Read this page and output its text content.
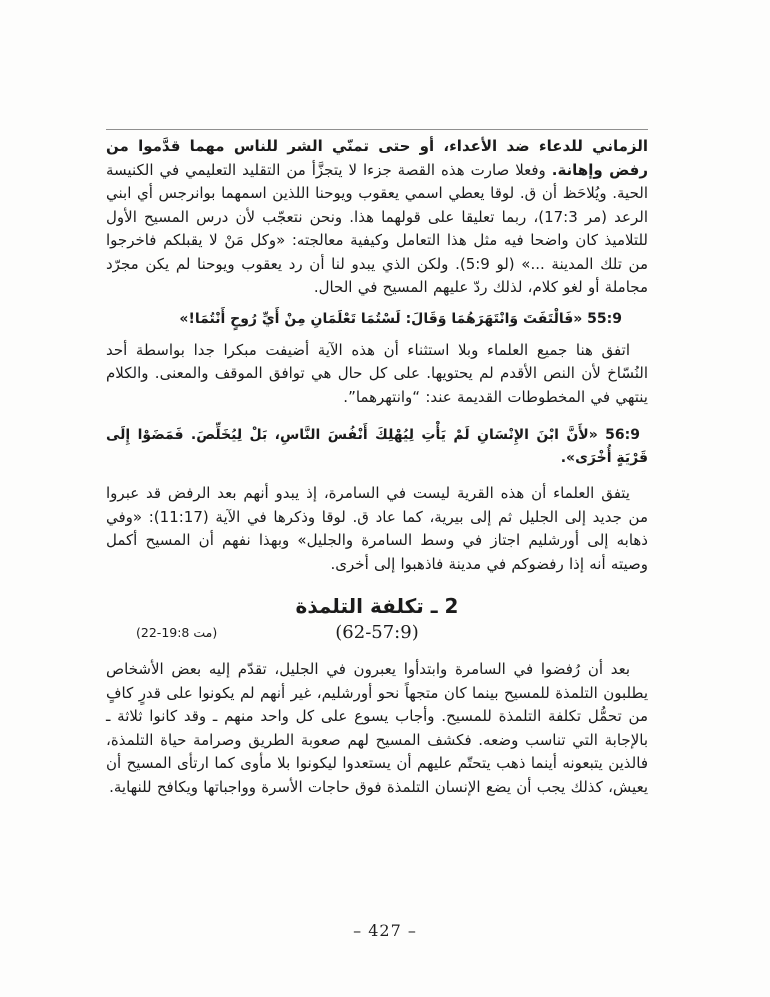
الزماني للدعاء ضد الأعداء، أو حتى تمنّي الشر للناس مهما قدَّموا من رفض وإهانة. وفعلا صارت هذه القصة جزءا لا يتجزَّأ من التقليد التعليمي في الكنيسة الحية. ويُلاحَظ أن ق. لوقا يعطي اسمي يعقوب ويوحنا اللذين اسمهما بوانرجس أي ابني الرعد (مر 17:3)، ربما تعليقا على قولهما هذا. ونحن نتعجّب لأن درس المسيح الأول للتلاميذ كان واضحا فيه مثل هذا التعامل وكيفية معالجته: «وكل مَنْ لا يقبلكم فاخرجوا من تلك المدينة ...» (لو 5:9). ولكن الذي يبدو لنا أن رد يعقوب ويوحنا لم يكن مجرّد مجاملة أو لغو كلام، لذلك ردّ عليهم المسيح في الحال.

55:9 «فَالْتَفَتَ وَانْتَهَرَهُمَا وَقَالَ: لَسْتُمَا تَعْلَمَانِ مِنْ أَيِّ رُوحٍ أَنْتُمَا!»

اتفق هنا جميع العلماء وبلا استثناء أن هذه الآية أضيفت مبكرا جدا بواسطة أحد النُسّاخ لأن النص الأقدم لم يحتويها. على كل حال هي توافق الموقف والمعنى. والكلام ينتهي في المخطوطات القديمة عند: “وانتهرهما”.

56:9 «لأَنَّ ابْنَ الإِنْسَانِ لَمْ يَأْتِ لِيُهْلِكَ أَنْفُسَ النَّاسِ، بَلْ لِيُخَلِّصَ. فَمَضَوْا إِلَى قَرْيَةٍ أُخْرَى».

يتفق العلماء أن هذه القرية ليست في السامرة، إذ يبدو أنهم بعد الرفض قد عبروا من جديد إلى الجليل ثم إلى بيرية، كما عاد ق. لوقا وذكرها في الآية (11:17): «وفي ذهابه إلى أورشليم اجتاز في وسط السامرة والجليل» وبهذا نفهم أن المسيح أكمل وصيته أنه إذا رفضوكم في مدينة فاذهبوا إلى أخرى.

2 ـ تكلفة التلمذة
(مت 19:8-22)	(62-57:9)

بعد أن رُفضوا في السامرة وابتدأوا يعبرون في الجليل، تقدّم إليه بعض الأشخاص يطلبون التلمذة للمسيح بينما كان متجهاً نحو أورشليم، غير أنهم لم يكونوا على قدرٍ كافٍ من تحمُّل تكلفة التلمذة للمسيح. وأجاب يسوع على كل واحد منهم ـ وقد كانوا ثلاثة ـ بالإجابة التي تناسب وضعه. فكشف المسيح لهم صعوبة الطريق وصرامة حياة التلمذة، فالذين يتبعونه أينما ذهب يتحتّم عليهم أن يستعدوا ليكونوا بلا مأوى كما ارتأى المسيح أن يعيش، كذلك يجب أن يضع الإنسان التلمذة فوق حاجات الأسرة وواجباتها ويكافح للنهاية.

– 427 –
